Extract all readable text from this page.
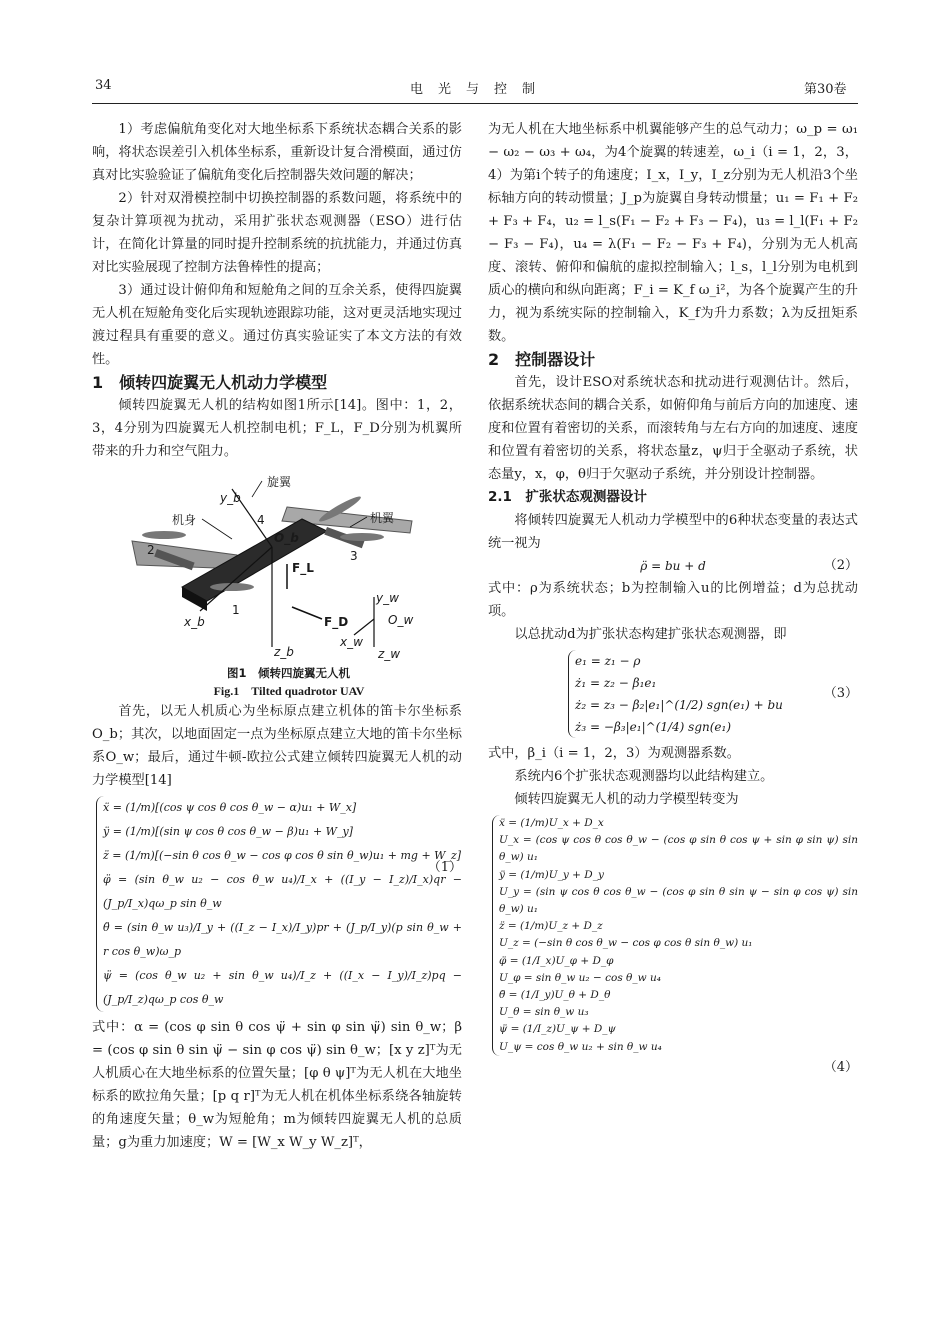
34	电　光　与　控　制	第30卷

1）考虑偏航角变化对大地坐标系下系统状态耦合关系的影响，将状态误差引入机体坐标系，重新设计复合滑模面，通过仿真对比实验验证了偏航角变化后控制器失效问题的解决；

2）针对双滑模控制中切换控制器的系数问题，将系统中的复杂计算项视为扰动，采用扩张状态观测器（ESO）进行估计，在简化计算量的同时提升控制系统的抗扰能力，并通过仿真对比实验展现了控制方法鲁棒性的提高；

3）通过设计俯仰角和短舱角之间的互余关系，使得四旋翼无人机在短舱角变化后实现轨迹跟踪功能，这对更灵活地实现过渡过程具有重要的意义。通过仿真实验证实了本文方法的有效性。

1　倾转四旋翼无人机动力学模型

倾转四旋翼无人机的结构如图1所示[14]。图中：1，2，3，4分别为四旋翼无人机控制电机；F_L，F_D分别为机翼所带来的升力和空气阻力。

旋翼
机身	机翼
y_b
O_b
F_L
F_D
x_b
z_b
y_w
O_w
x_w
z_w
1
2	3
4

图1　倾转四旋翼无人机

Fig.1　Tilted quadrotor UAV

首先，以无人机质心为坐标原点建立机体的笛卡尔坐标系O_b；其次，以地面固定一点为坐标原点建立大地的笛卡尔坐标系O_w；最后，通过牛顿-欧拉公式建立倾转四旋翼无人机的动力学模型[14]

ẍ = (1/m)[(cos ψ cos θ cos θ_w − α)u₁ + W_x]
ÿ = (1/m)[(sin ψ cos θ cos θ_w − β)u₁ + W_y]
z̈ = (1/m)[(−sin θ cos θ_w − cos φ cos θ sin θ_w)u₁ + mg + W_z]
φ̈ = (sin θ_w u₂ − cos θ_w u₄)/I_x + ((I_y − I_z)/I_x)qr − (J_p/I_x)qω_p sin θ_w
θ̈ = (sin θ_w u₃)/I_y + ((I_z − I_x)/I_y)pr + (J_p/I_y)(p sin θ_w + r cos θ_w)ω_p
ψ̈ = (cos θ_w u₂ + sin θ_w u₄)/I_z + ((I_x − I_y)/I_z)pq − (J_p/I_z)qω_p cos θ_w
（1）

式中：α = (cos φ sin θ cos ψ̈ + sin φ sin ψ̈) sin θ_w；β = (cos φ sin θ sin ψ̈ − sin φ cos ψ̈) sin θ_w；[x y z]ᵀ为无人机质心在大地坐标系的位置矢量；[φ θ ψ]ᵀ为无人机在大地坐标系的欧拉角矢量；[p q r]ᵀ为无人机在机体坐标系绕各轴旋转的角速度矢量；θ_w为短舱角；m为倾转四旋翼无人机的总质量；g为重力加速度；W = [W_x W_y W_z]ᵀ，

为无人机在大地坐标系中机翼能够产生的总气动力；ω_p = ω₁ − ω₂ − ω₃ + ω₄，为4个旋翼的转速差，ω_i（i = 1，2，3，4）为第i个转子的角速度；I_x，I_y，I_z分别为无人机沿3个坐标轴方向的转动惯量；J_p为旋翼自身转动惯量；u₁ = F₁ + F₂ + F₃ + F₄，u₂ = l_s(F₁ − F₂ + F₃ − F₄)，u₃ = l_l(F₁ + F₂ − F₃ − F₄)，u₄ = λ(F₁ − F₂ − F₃ + F₄)，分别为无人机高度、滚转、俯仰和偏航的虚拟控制输入；l_s，l_l分别为电机到质心的横向和纵向距离；F_i = K_f ω_i²，为各个旋翼产生的升力，视为系统实际的控制输入，K_f为升力系数；λ为反扭矩系数。

2　控制器设计

首先，设计ESO对系统状态和扰动进行观测估计。然后，依据系统状态间的耦合关系，如俯仰角与前后方向的加速度、速度和位置有着密切的关系，而滚转角与左右方向的加速度、速度和位置有着密切的关系，将状态量z，ψ归于全驱动子系统，状态量y，x，φ，θ归于欠驱动子系统，并分别设计控制器。

2.1　扩张状态观测器设计

将倾转四旋翼无人机动力学模型中的6种状态变量的表达式统一视为

ρ̈ = bu + d	（2）

式中：ρ为系统状态；b为控制输入u的比例增益；d为总扰动项。

以总扰动d为扩张状态构建扩张状态观测器，即

e₁ = z₁ − ρ
ż₁ = z₂ − β₁e₁
ż₂ = z₃ − β₂|e₁|^(1/2) sgn(e₁) + bu
ż₃ = −β₃|e₁|^(1/4) sgn(e₁)
（3）

式中，β_i（i = 1，2，3）为观测器系数。

系统内6个扩张状态观测器均以此结构建立。

倾转四旋翼无人机的动力学模型转变为

ẍ = (1/m)U_x + D_x
U_x = (cos ψ cos θ cos θ_w − (cos φ sin θ cos ψ + sin φ sin ψ) sin θ_w) u₁
ÿ = (1/m)U_y + D_y
U_y = (sin ψ cos θ cos θ_w − (cos φ sin θ sin ψ − sin φ cos ψ) sin θ_w) u₁
z̈ = (1/m)U_z + D_z
U_z = (−sin θ cos θ_w − cos φ cos θ sin θ_w) u₁
φ̈ = (1/I_x)U_φ + D_φ
U_φ = sin θ_w u₂ − cos θ_w u₄
θ̈ = (1/I_y)U_θ + D_θ
U_θ = sin θ_w u₃
ψ̈ = (1/I_z)U_ψ + D_ψ
U_ψ = cos θ_w u₂ + sin θ_w u₄
（4）
